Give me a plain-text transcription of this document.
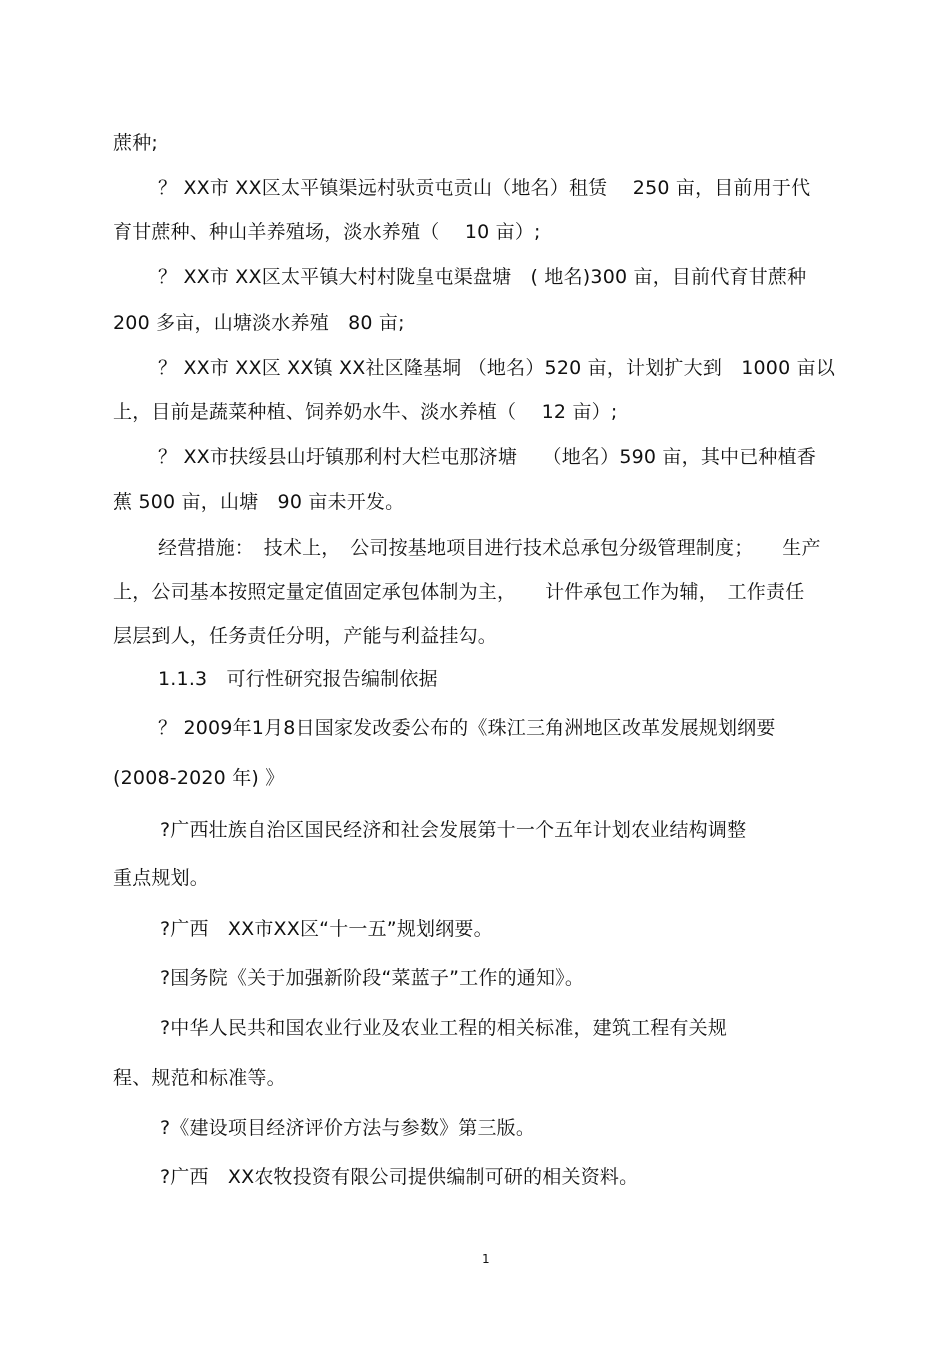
蔗种;
？ XX市 XX区太平镇渠远村驮贡屯贡山（地名）租赁　 250 亩，目前用于代
育甘蔗种、种山羊养殖场，淡水养殖（　 10 亩）;
？ XX市 XX区太平镇大村村陇皇屯渠盘塘　( 地名)300 亩，目前代育甘蔗种
200 多亩，山塘淡水养殖　80 亩;
？ XX市 XX区 XX镇 XX社区隆基垌 （地名）520 亩，计划扩大到　1000 亩以
上，目前是蔬菜种植、饲养奶水牛、淡水养植（　 12 亩）;
？ XX市扶绥县山圩镇那利村大栏屯那济塘　 （地名）590 亩，其中已种植香
蕉 500 亩，山塘　90 亩未开发。
经营措施：　技术上，　公司按基地项目进行技术总承包分级管理制度；　　生产
上，公司基本按照定量定值固定承包体制为主，　　计件承包工作为辅，　工作责任
层层到人，任务责任分明，产能与利益挂勾。
1.1.3　可行性研究报告编制依据
？ 2009年1月8日国家发改委公布的《珠江三角洲地区改革发展规划纲要
(2008-2020 年) 》
?广西壮族自治区国民经济和社会发展第十一个五年计划农业结构调整
重点规划。
?广西　XX市XX区“十一五”规划纲要。
?国务院《关于加强新阶段“菜蓝子”工作的通知》。
?中华人民共和国农业行业及农业工程的相关标准，建筑工程有关规
程、规范和标准等。
?《建设项目经济评价方法与参数》第三版。
?广西　XX农牧投资有限公司提供编制可研的相关资料。
1
